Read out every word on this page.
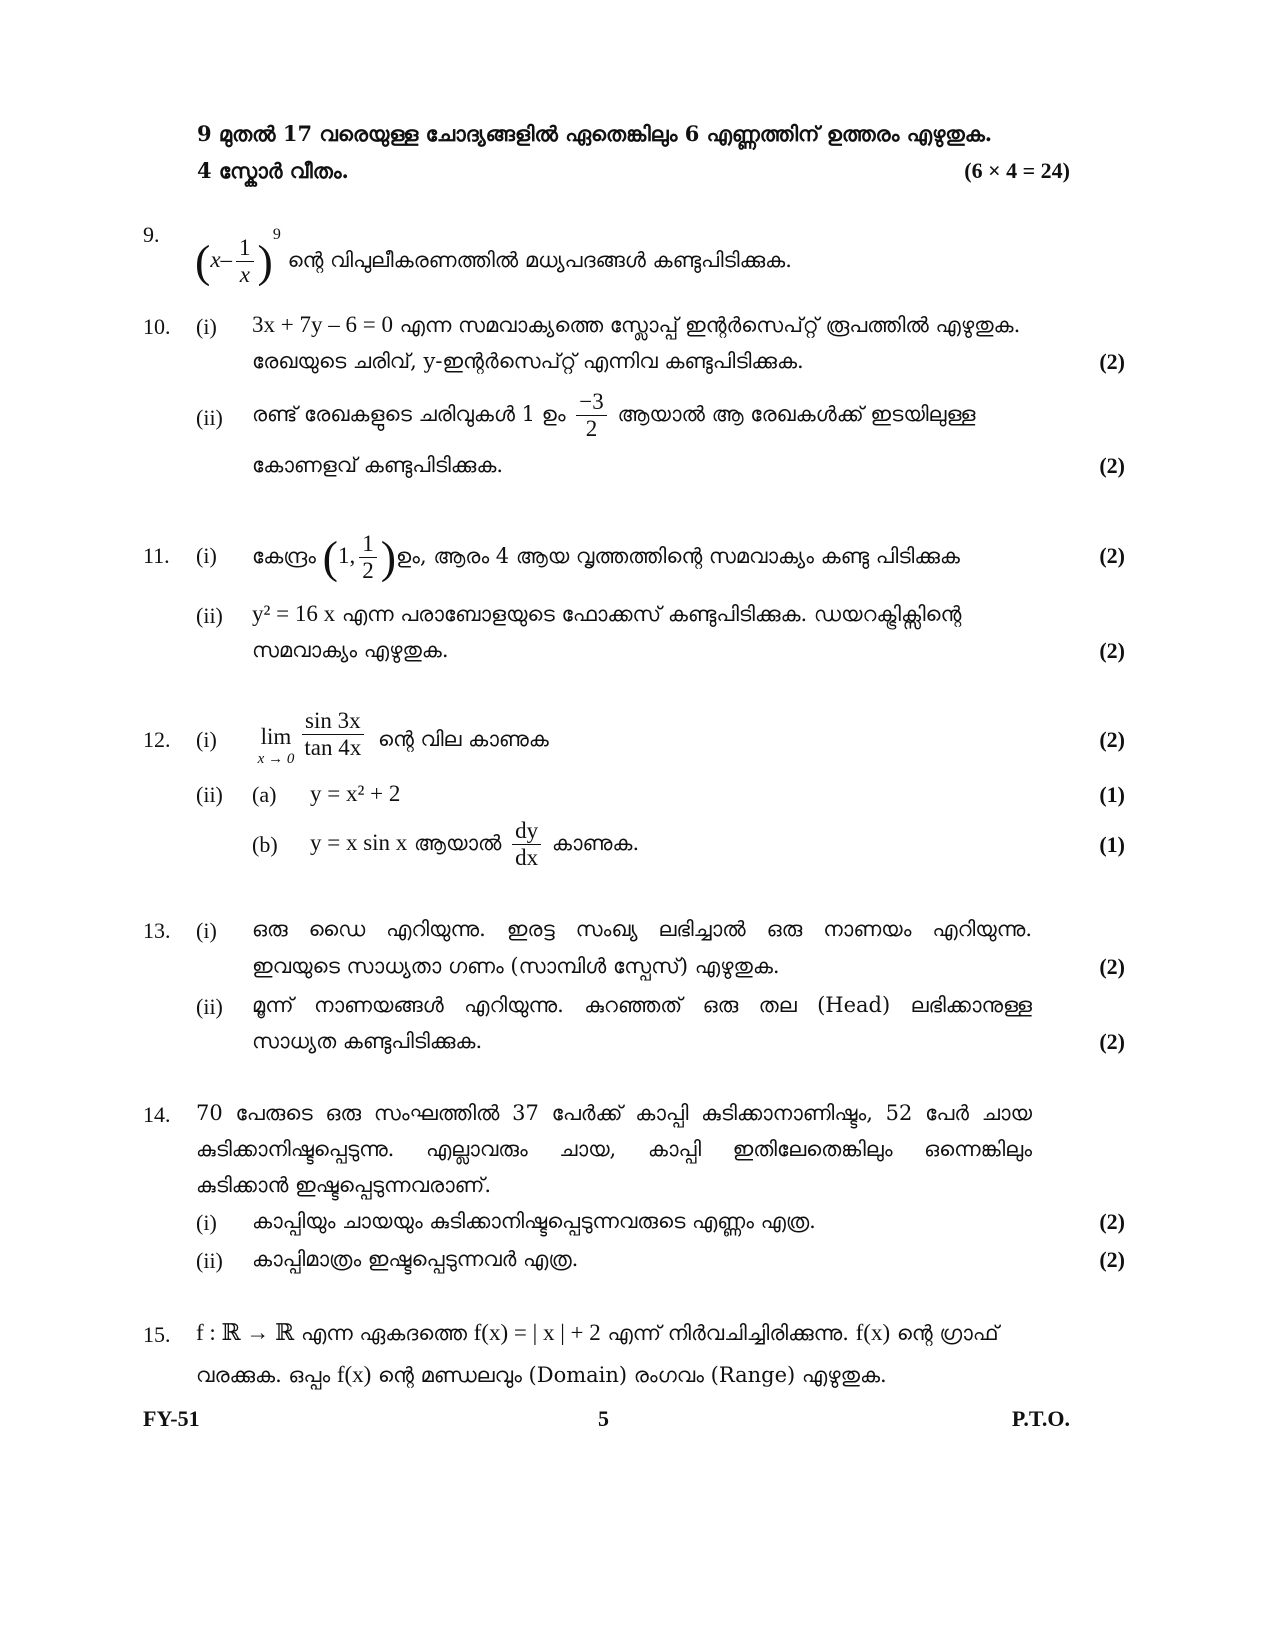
9 മുതൽ 17 വരെയുള്ള ചോദ്യങ്ങളിൽ ഏതെങ്കിലും 6 എണ്ണത്തിന് ഉത്തരം എഴുതുക.
4 സ്കോർ വീതം.	(6 × 4 = 24)
9.
$(x- \frac{1}{x} )^9$ ന്റെ വിപുലീകരണത്തിൽ മധ്യപദങ്ങൾ കണ്ടുപിടിക്കുക.
10. (i) 3x + 7y – 6 = 0 എന്ന സമവാക്യത്തെ സ്ലോപ്പ് ഇന്റർസെപ്റ്റ് രൂപത്തിൽ എഴുതുക.
രേഖയുടെ ചരിവ്, y-ഇന്റർസെപ്റ്റ് എന്നിവ കണ്ടുപിടിക്കുക.	(2)
(ii) രണ്ട് രേഖകളുടെ ചരിവുകൾ 1 ഉം $\frac{-3}{2}$ ആയാൽ ആ രേഖകൾക്ക് ഇടയിലുള്ള
കോണളവ് കണ്ടുപിടിക്കുക.	(2)
11. (i) കേന്ദ്രം (1, $\frac{1}{2}$ )ഉം, ആരം 4 ആയ വൃത്തത്തിന്റെ സമവാക്യം കണ്ടു പിടിക്കുക	(2)
(ii) y² = 16 x എന്ന പരാബോളയുടെ ഫോക്കസ് കണ്ടുപിടിക്കുക. ഡയറക്ട്രിക്സിന്റെ
സമവാക്യം എഴുതുക.	(2)
12. (i)	lim
$x \to 0 \frac{\sin 3x}{\tan 4x}$ ന്റെ വില കാണുക	(2)
(ii) (a) y = x² + 2	(1)
(b) y = x sin x ആയാൽ $\frac{dy}{dx}$ കാണുക.	(1)
13. (i) ഒരു ഡൈ എറിയുന്നു. ഇരട്ട സംഖ്യ ലഭിച്ചാൽ ഒരു നാണയം എറിയുന്നു.
ഇവയുടെ സാധ്യതാ ഗണം (സാമ്പിൾ സ്പേസ്) എഴുതുക.	(2)
(ii) മൂന്ന് നാണയങ്ങൾ എറിയുന്നു. കുറഞ്ഞത് ഒരു തല (Head) ലഭിക്കാനുള്ള
സാധ്യത കണ്ടുപിടിക്കുക.	(2)
14. 70 പേരുടെ ഒരു സംഘത്തിൽ 37 പേർക്ക് കാപ്പി കുടിക്കാനാണിഷ്ടം, 52 പേർ ചായ
കുടിക്കാനിഷ്ടപ്പെടുന്നു. എല്ലാവരും ചായ, കാപ്പി ഇതിലേതെങ്കിലും ഒന്നെങ്കിലും
കുടിക്കാൻ ഇഷ്ടപ്പെടുന്നവരാണ്.
(i) കാപ്പിയും ചായയും കുടിക്കാനിഷ്ടപ്പെടുന്നവരുടെ എണ്ണം എത്ര.	(2)
(ii) കാപ്പിമാത്രം ഇഷ്ടപ്പെടുന്നവർ എത്ര.	(2)
15. f : ℝ → ℝ എന്ന ഏകദത്തെ f(x) = | x | + 2 എന്ന് നിർവചിച്ചിരിക്കുന്നു. f(x) ന്റെ ഗ്രാഫ്
വരക്കുക. ഒപ്പം f(x) ന്റെ മണ്ഡലവും (Domain) രംഗവം (Range) എഴുതുക.
FY-51	5	P.T.O.
